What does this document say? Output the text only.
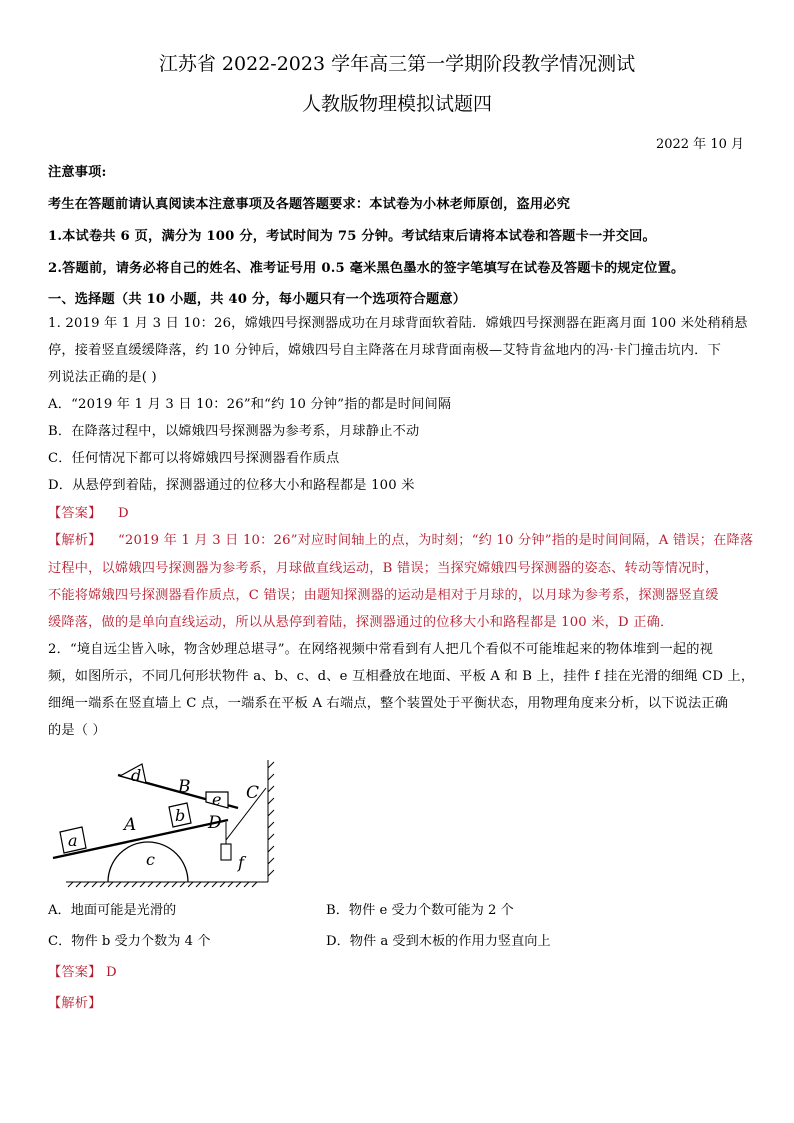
江苏省 2022-2023 学年高三第一学期阶段教学情况测试
人教版物理模拟试题四
2022 年 10 月
注意事项:
考生在答题前请认真阅读本注意事项及各题答题要求：本试卷为小林老师原创，盗用必究
1.本试卷共 6 页，满分为 100 分，考试时间为 75 分钟。考试结束后请将本试卷和答题卡一并交回。
2.答题前，请务必将自己的姓名、准考证号用 0.5 毫米黑色墨水的签字笔填写在试卷及答题卡的规定位置。
一、选择题（共 10 小题，共 40 分，每小题只有一个选项符合题意）
1. 2019 年 1 月 3 日 10：26，嫦娥四号探测器成功在月球背面软着陆．嫦娥四号探测器在距离月面 100 米处稍稍悬
停，接着竖直缓缓降落，约 10 分钟后，嫦娥四号自主降落在月球背面南极—艾特肯盆地内的冯·卡门撞击坑内．下
列说法正确的是( )
A．“2019 年 1 月 3 日 10：26”和“约 10 分钟”指的都是时间间隔
B．在降落过程中，以嫦娥四号探测器为参考系，月球静止不动
C．任何情况下都可以将嫦娥四号探测器看作质点
D．从悬停到着陆，探测器通过的位移大小和路程都是 100 米
【答案】 D
【解析】 “2019 年 1 月 3 日 10：26”对应时间轴上的点，为时刻；“约 10 分钟”指的是时间间隔，A 错误；在降落
过程中，以嫦娥四号探测器为参考系，月球做直线运动，B 错误；当探究嫦娥四号探测器的姿态、转动等情况时，
不能将嫦娥四号探测器看作质点，C 错误；由题知探测器的运动是相对于月球的，以月球为参考系，探测器竖直缓
缓降落，做的是单向直线运动，所以从悬停到着陆，探测器通过的位移大小和路程都是 100 米，D 正确．
2．“境自远尘皆入咏，物含妙理总堪寻”。在网络视频中常看到有人把几个看似不可能堆起来的物体堆到一起的视
频，如图所示，不同几何形状物件 a、b、c、d、e 互相叠放在地面、平板 A 和 B 上，挂件 f 挂在光滑的细绳 CD 上，
细绳一端系在竖直墙上 C 点，一端系在平板 A 右端点，整个装置处于平衡状态，用物理角度来分析，以下说法正确
的是（ ）
a
b
c
d
e
f
A
B	C
D
A．地面可能是光滑的	B．物件 e 受力个数可能为 2 个
C．物件 b 受力个数为 4 个	D．物件 a 受到木板的作用力竖直向上
【答案】 D
【解析】
